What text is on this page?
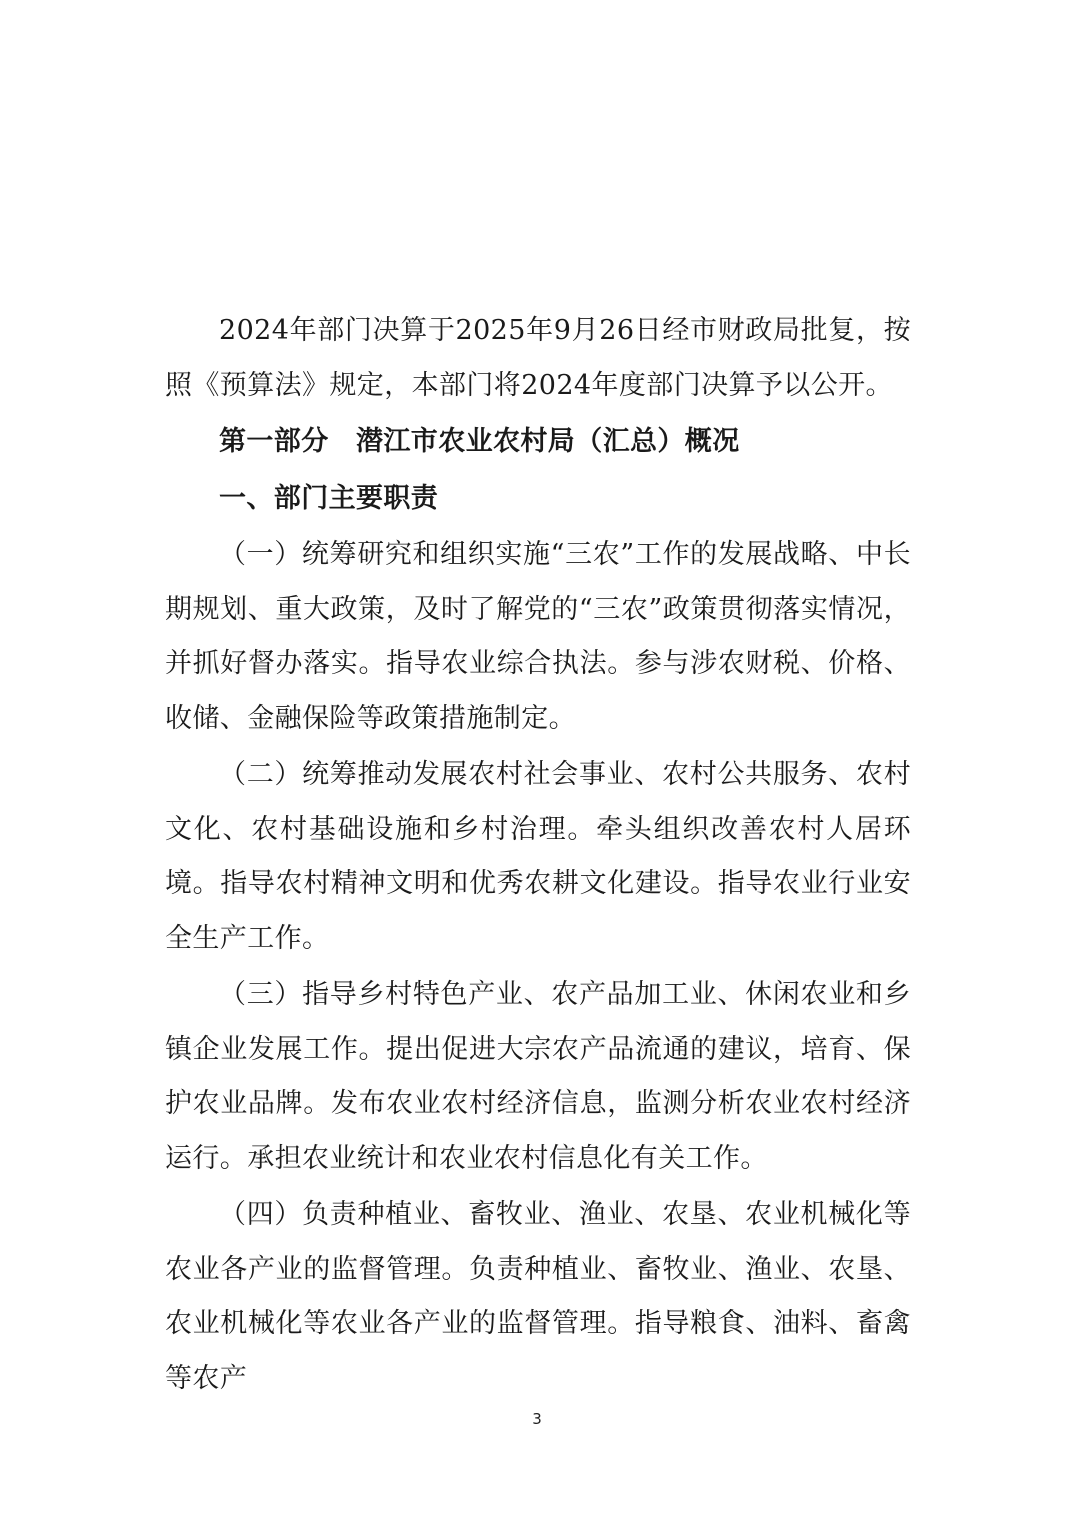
2024年部门决算于2025年9月26日经市财政局批复，按照《预算法》规定，本部门将2024年度部门决算予以公开。

第一部分　潜江市农业农村局（汇总）概况

一、部门主要职责

（一）统筹研究和组织实施“三农”工作的发展战略、中长期规划、重大政策，及时了解党的“三农”政策贯彻落实情况，并抓好督办落实。指导农业综合执法。参与涉农财税、价格、收储、金融保险等政策措施制定。

（二）统筹推动发展农村社会事业、农村公共服务、农村文化、农村基础设施和乡村治理。牵头组织改善农村人居环境。指导农村精神文明和优秀农耕文化建设。指导农业行业安全生产工作。

（三）指导乡村特色产业、农产品加工业、休闲农业和乡镇企业发展工作。提出促进大宗农产品流通的建议，培育、保护农业品牌。发布农业农村经济信息，监测分析农业农村经济运行。承担农业统计和农业农村信息化有关工作。

（四）负责种植业、畜牧业、渔业、农垦、农业机械化等农业各产业的监督管理。负责种植业、畜牧业、渔业、农垦、农业机械化等农业各产业的监督管理。指导粮食、油料、畜禽等农产

3
